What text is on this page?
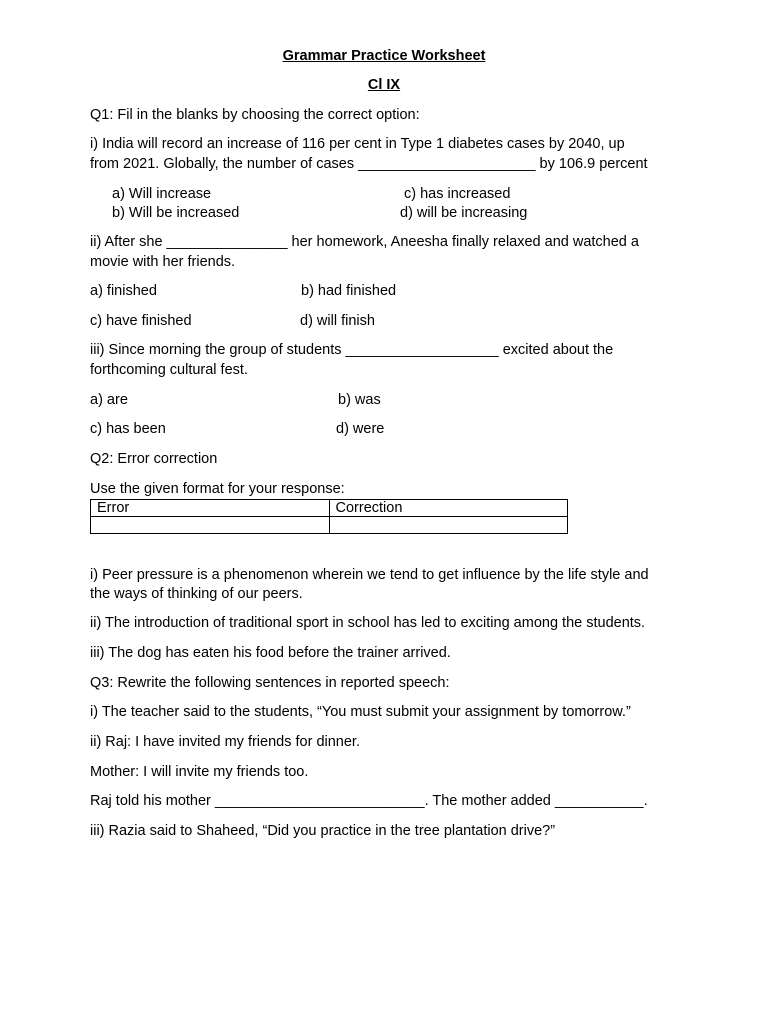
Grammar Practice Worksheet
Cl IX
Q1: Fil in the blanks by choosing the correct option:
i) India will record an increase of 116 per cent in Type 1 diabetes cases by 2040, up
from 2021. Globally, the number of cases ______________________ by 106.9 percent
a) Will increase	c) has increased
b) Will be increased	d) will be increasing
ii) After she _______________ her homework, Aneesha finally relaxed and watched a
movie with her friends.
a) finished	b) had finished
c) have finished	d) will finish
iii) Since morning the group of students ___________________ excited about the
forthcoming cultural fest.
a) are	b) was
c) has been	d) were
Q2: Error correction
Use the given format for your response:
Error	Correction

i) Peer pressure is a phenomenon wherein we tend to get influence by the life style and
the ways of thinking of our peers.
ii) The introduction of traditional sport in school has led to exciting among the students.
iii) The dog has eaten his food before the trainer arrived.
Q3: Rewrite the following sentences in reported speech:
i) The teacher said to the students, “You must submit your assignment by tomorrow.”
ii) Raj: I have invited my friends for dinner.
Mother: I will invite my friends too.
Raj told his mother __________________________. The mother added ___________.
iii) Razia said to Shaheed, “Did you practice in the tree plantation drive?”
